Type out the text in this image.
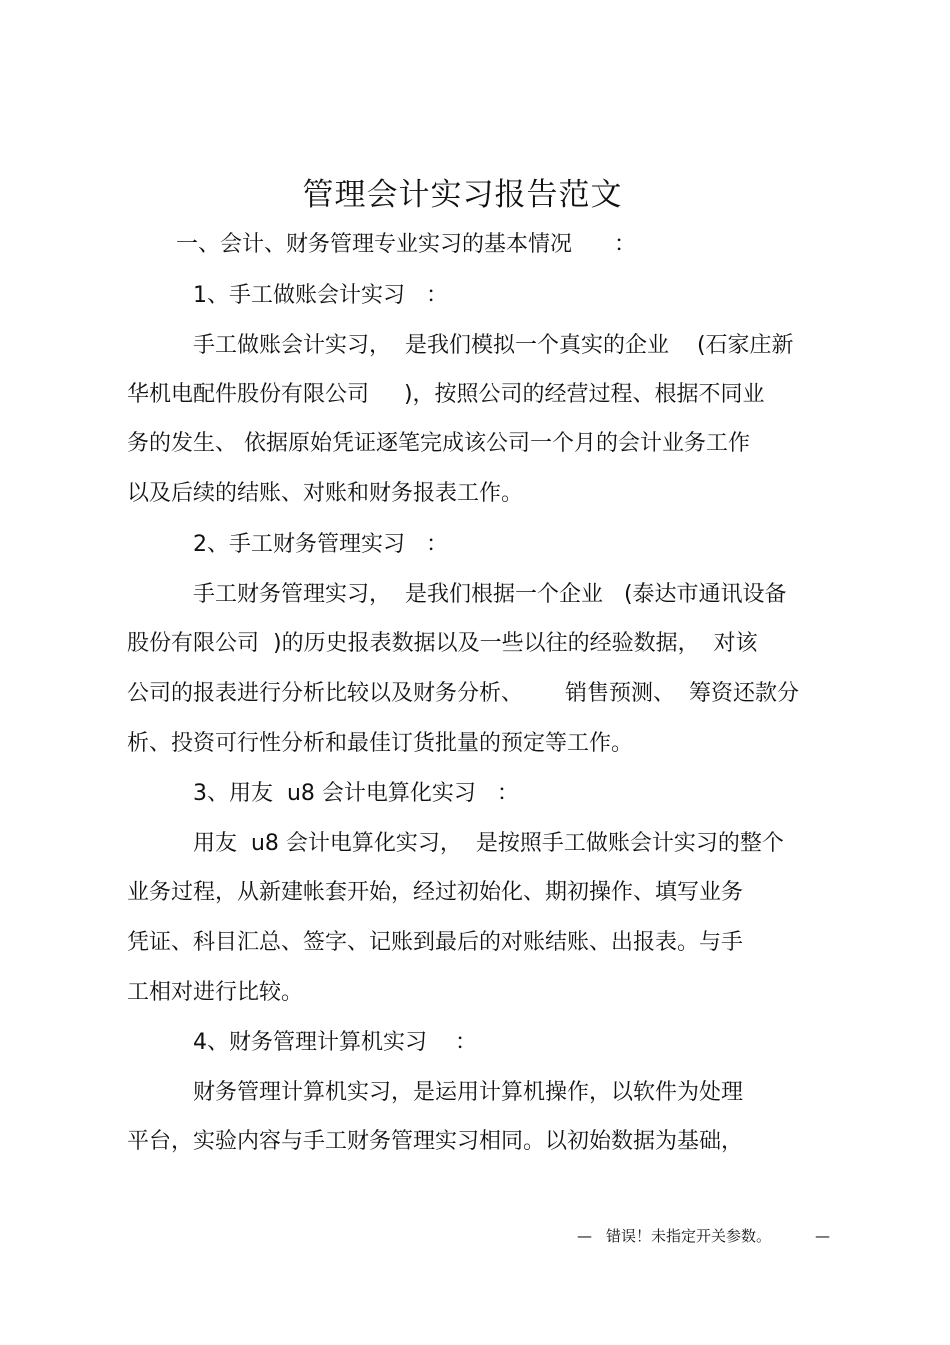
管理会计实习报告范文

一、会计、财务管理专业实习的基本情况      ：

1、手工做账会计实习   ：

手工做账会计实习，  是我们模拟一个真实的企业    (石家庄新

华机电配件股份有限公司     )，按照公司的经营过程、根据不同业

务的发生、 依据原始凭证逐笔完成该公司一个月的会计业务工作

以及后续的结账、对账和财务报表工作。

2、手工财务管理实习   ：

手工财务管理实习，  是我们根据一个企业   (泰达市通讯设备

股份有限公司  )的历史报表数据以及一些以往的经验数据，  对该

公司的报表进行分析比较以及财务分析、      销售预测、  筹资还款分

析、投资可行性分析和最佳订货批量的预定等工作。

3、用友  u8 会计电算化实习   ：

用友  u8 会计电算化实习，  是按照手工做账会计实习的整个

业务过程，从新建帐套开始，经过初始化、期初操作、填写业务

凭证、科目汇总、签字、记账到最后的对账结账、出报表。与手

工相对进行比较。

4、财务管理计算机实习    ：

财务管理计算机实习，是运用计算机操作，以软件为处理

平台，实验内容与手工财务管理实习相同。以初始数据为基础，

— 错误！未指定开关参数。	—
